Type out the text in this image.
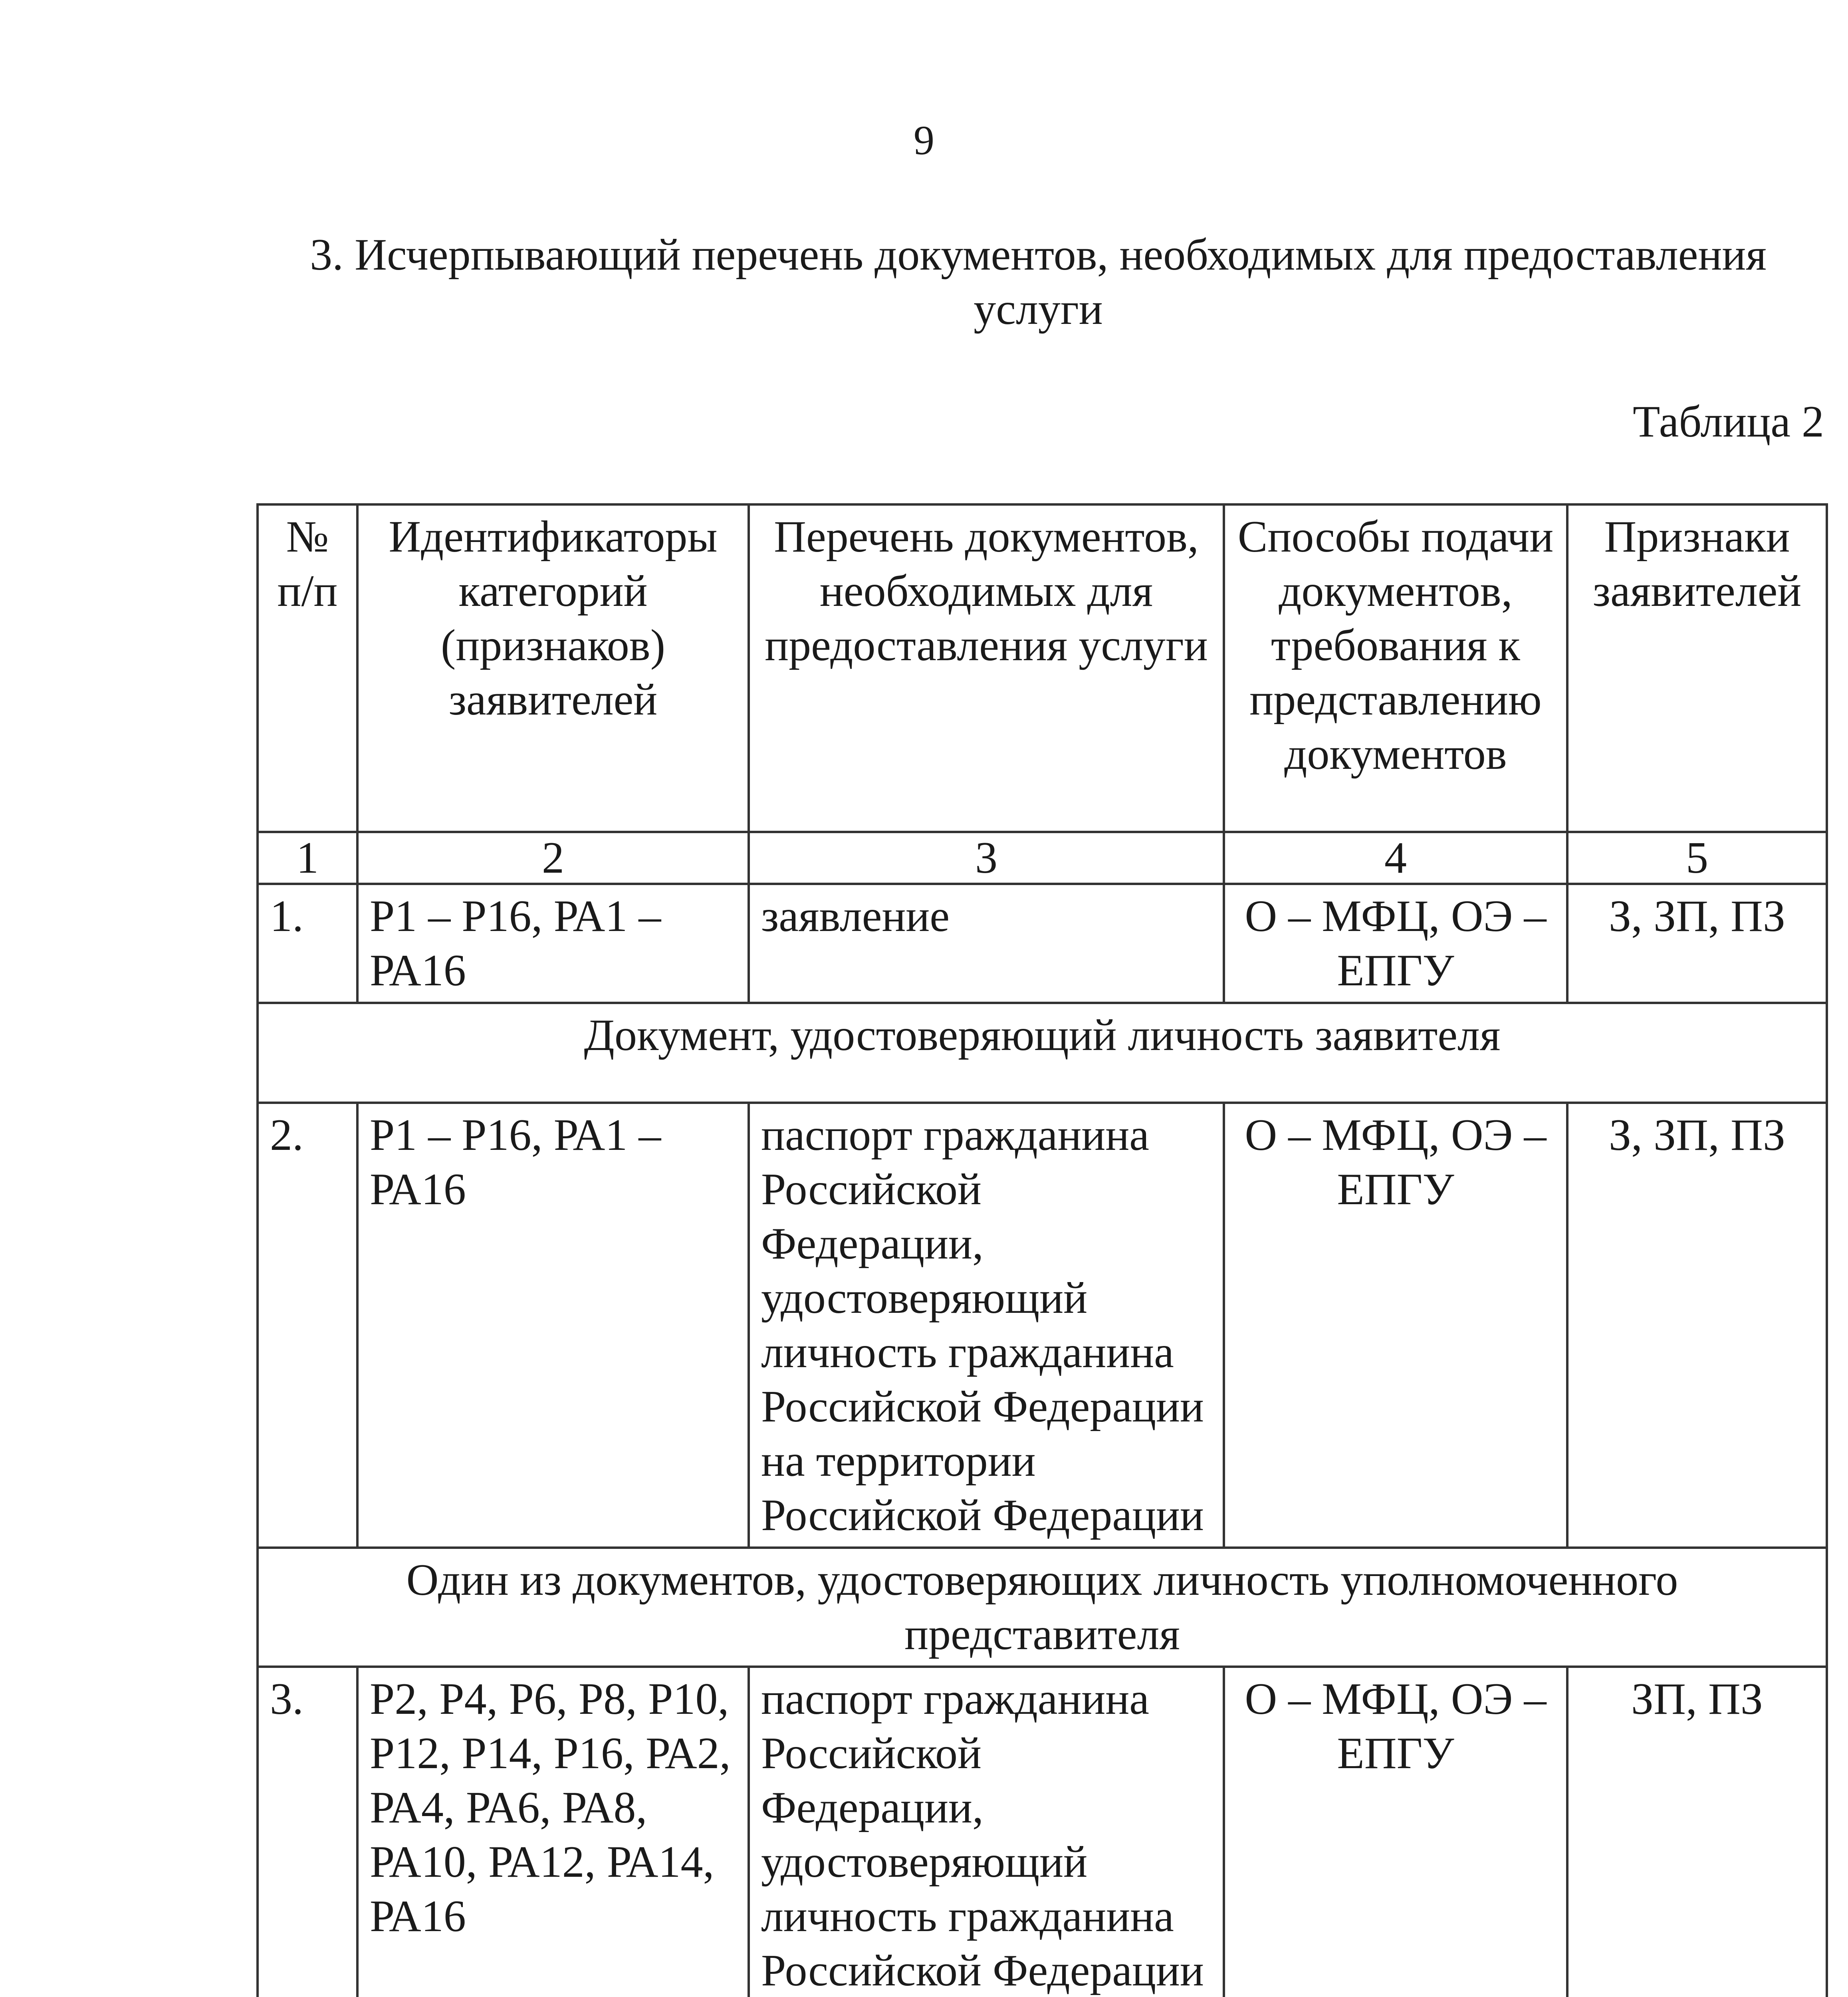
9
3. Исчерпывающий перечень документов, необходимых для предоставления
услуги
Таблица 2
№ п/п	Идентификаторы категорий (признаков) заявителей	Перечень документов, необходимых для предоставления услуги	Способы подачи документов, требования к представлению документов	Признаки заявителей
1	2	3	4	5
1.	Р1 – Р16, РА1 – РА16	заявление	О – МФЦ, ОЭ – ЕПГУ	З, ЗП, ПЗ
Документ, удостоверяющий личность заявителя				
2.	Р1 – Р16, РА1 – РА16	паспорт гражданина Российской Федерации, удостоверяющий личность гражданина Российской Федерации на территории Российской Федерации	О – МФЦ, ОЭ – ЕПГУ	З, ЗП, ПЗ
Один из документов, удостоверяющих личность уполномоченного представителя				
3.	Р2, Р4, Р6, Р8, Р10, Р12, Р14, Р16, РА2, РА4, РА6, РА8, РА10, РА12, РА14, РА16	паспорт гражданина Российской Федерации, удостоверяющий личность гражданина Российской Федерации	О – МФЦ, ОЭ – ЕПГУ	ЗП, ПЗ
